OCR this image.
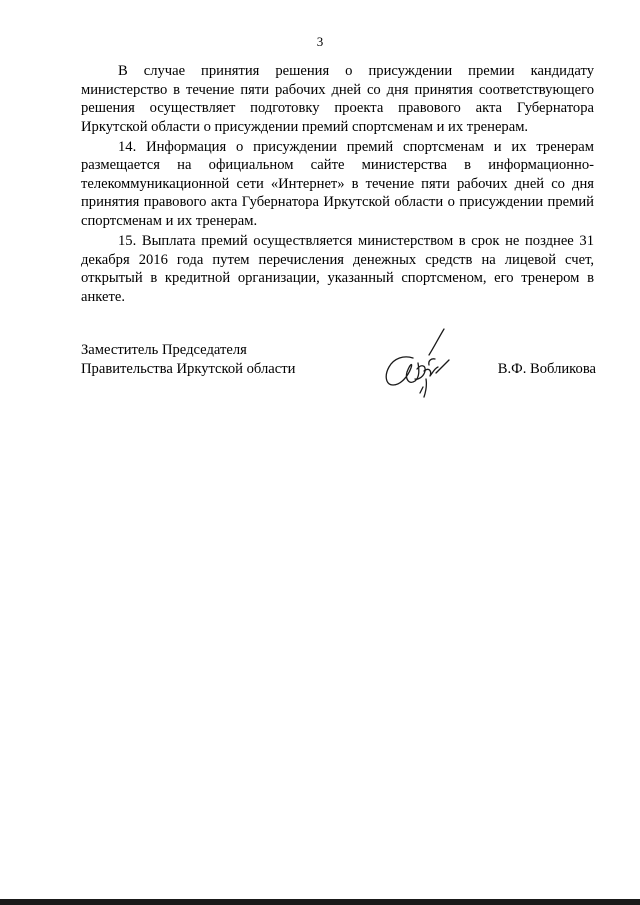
3

В случае принятия решения о присуждении премии кандидату министерство в течение пяти рабочих дней со дня принятия соответствующего решения осуществляет подготовку проекта правового акта Губернатора Иркутской области о присуждении премий спортсменам и их тренерам.

14. Информация о присуждении премий спортсменам и их тренерам размещается на официальном сайте министерства в информационно-телекоммуникационной сети «Интернет» в течение пяти рабочих дней со дня принятия правового акта Губернатора Иркутской области о присуждении премий спортсменам и их тренерам.

15. Выплата премий осуществляется министерством в срок не позднее 31 декабря 2016 года путем перечисления денежных средств на лицевой счет, открытый в кредитной организации, указанный спортсменом, его тренером в анкете.

Заместитель Председателя
Правительства Иркутской области	В.Ф. Вобликова
